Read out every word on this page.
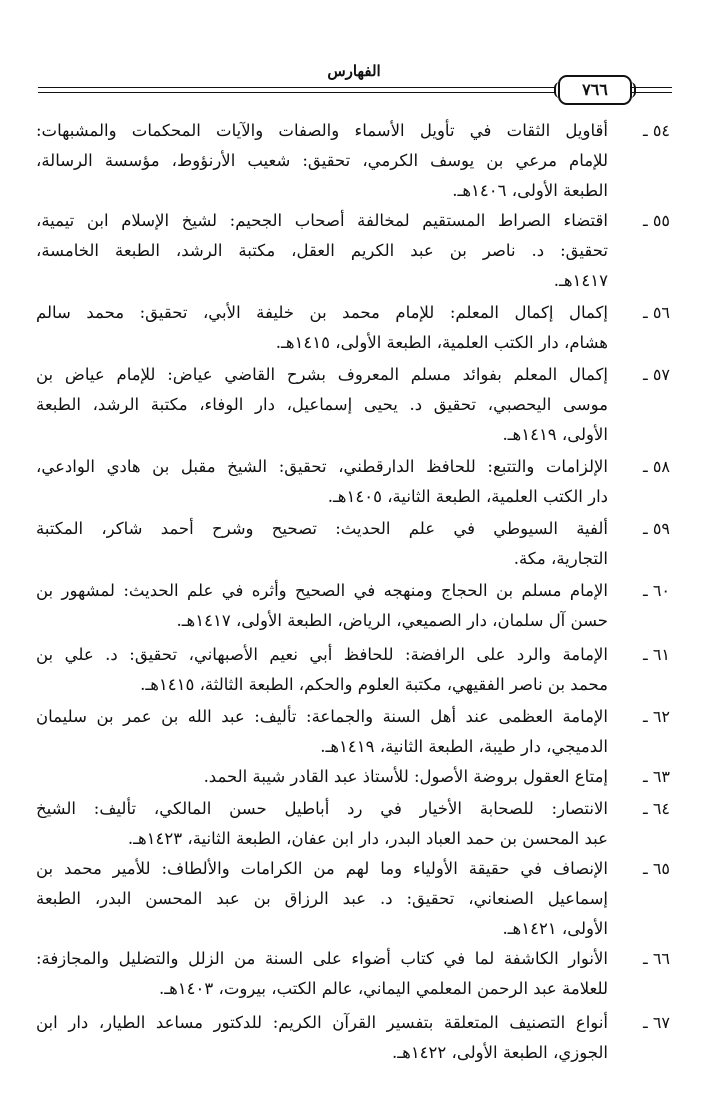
الفهارس
٧٦٦
٥٤ ـ
أقاويل الثقات في تأويل الأسماء والصفات والآيات المحكمات والمشبهات:
للإمام مرعي بن يوسف الكرمي، تحقيق: شعيب الأرنؤوط، مؤسسة الرسالة،
الطبعة الأولى، ١٤٠٦هـ.
٥٥ ـ
اقتضاء الصراط المستقيم لمخالفة أصحاب الجحيم: لشيخ الإسلام ابن تيمية،
تحقيق: د. ناصر بن عبد الكريم العقل، مكتبة الرشد، الطبعة الخامسة،
١٤١٧هـ.
٥٦ ـ
إكمال إكمال المعلم: للإمام محمد بن خليفة الأبي، تحقيق: محمد سالم
هشام، دار الكتب العلمية، الطبعة الأولى، ١٤١٥هـ.
٥٧ ـ
إكمال المعلم بفوائد مسلم المعروف بشرح القاضي عياض: للإمام عياض بن
موسى اليحصبي، تحقيق د. يحيى إسماعيل، دار الوفاء، مكتبة الرشد، الطبعة
الأولى، ١٤١٩هـ.
٥٨ ـ
الإلزامات والتتبع: للحافظ الدارقطني، تحقيق: الشيخ مقبل بن هادي الوادعي،
دار الكتب العلمية، الطبعة الثانية، ١٤٠٥هـ.
٥٩ ـ
ألفية السيوطي في علم الحديث: تصحيح وشرح أحمد شاكر، المكتبة
التجارية، مكة.
٦٠ ـ
الإمام مسلم بن الحجاج ومنهجه في الصحيح وأثره في علم الحديث: لمشهور بن
حسن آل سلمان، دار الصميعي، الرياض، الطبعة الأولى، ١٤١٧هـ.
٦١ ـ
الإمامة والرد على الرافضة: للحافظ أبي نعيم الأصبهاني، تحقيق: د. علي بن
محمد بن ناصر الفقيهي، مكتبة العلوم والحكم، الطبعة الثالثة، ١٤١٥هـ.
٦٢ ـ
الإمامة العظمى عند أهل السنة والجماعة: تأليف: عبد الله بن عمر بن سليمان
الدميجي، دار طيبة، الطبعة الثانية، ١٤١٩هـ.
٦٣ ـ
إمتاع العقول بروضة الأصول: للأستاذ عبد القادر شيبة الحمد.
٦٤ ـ
الانتصار: للصحابة الأخيار في رد أباطيل حسن المالكي، تأليف: الشيخ
عبد المحسن بن حمد العباد البدر، دار ابن عفان، الطبعة الثانية، ١٤٢٣هـ.
٦٥ ـ
الإنصاف في حقيقة الأولياء وما لهم من الكرامات والألطاف: للأمير محمد بن
إسماعيل الصنعاني، تحقيق: د. عبد الرزاق بن عبد المحسن البدر، الطبعة
الأولى، ١٤٢١هـ.
٦٦ ـ
الأنوار الكاشفة لما في كتاب أضواء على السنة من الزلل والتضليل والمجازفة:
للعلامة عبد الرحمن المعلمي اليماني، عالم الكتب، بيروت، ١٤٠٣هـ.
٦٧ ـ
أنواع التصنيف المتعلقة بتفسير القرآن الكريم: للدكتور مساعد الطيار، دار ابن
الجوزي، الطبعة الأولى، ١٤٢٢هـ.
